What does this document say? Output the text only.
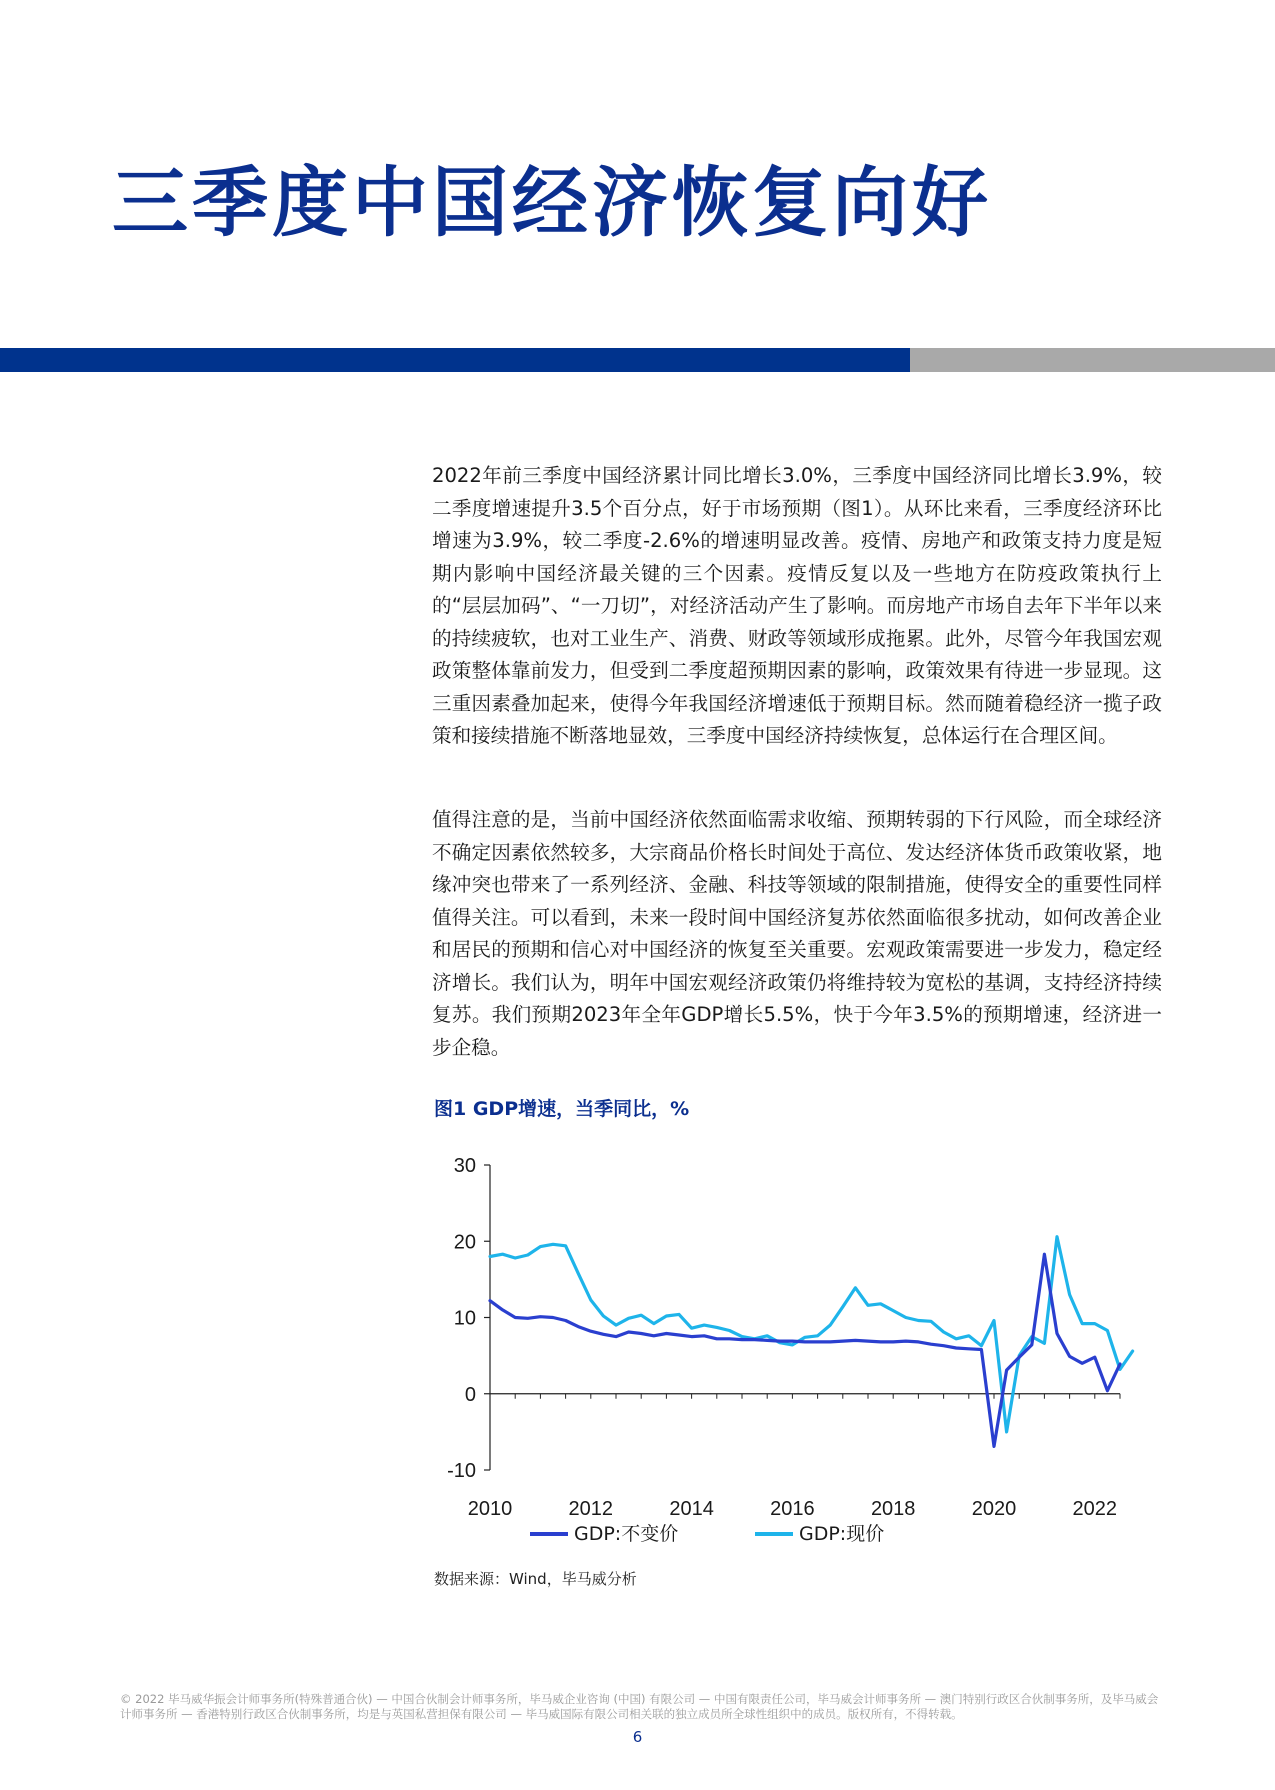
三季度中国经济恢复向好

2022年前三季度中国经济累计同比增长3.0%，三季度中国经济同比增长3.9%，较二季度增速提升3.5个百分点，好于市场预期（图1）。从环比来看，三季度经济环比增速为3.9%，较二季度-2.6%的增速明显改善。疫情、房地产和政策支持力度是短期内影响中国经济最关键的三个因素。疫情反复以及一些地方在防疫政策执行上的“层层加码”、“一刀切”，对经济活动产生了影响。而房地产市场自去年下半年以来的持续疲软，也对工业生产、消费、财政等领域形成拖累。此外，尽管今年我国宏观政策整体靠前发力，但受到二季度超预期因素的影响，政策效果有待进一步显现。这三重因素叠加起来，使得今年我国经济增速低于预期目标。然而随着稳经济一揽子政策和接续措施不断落地显效，三季度中国经济持续恢复，总体运行在合理区间。

值得注意的是，当前中国经济依然面临需求收缩、预期转弱的下行风险，而全球经济不确定因素依然较多，大宗商品价格长时间处于高位、发达经济体货币政策收紧，地缘冲突也带来了一系列经济、金融、科技等领域的限制措施，使得安全的重要性同样值得关注。可以看到，未来一段时间中国经济复苏依然面临很多扰动，如何改善企业和居民的预期和信心对中国经济的恢复至关重要。宏观政策需要进一步发力，稳定经济增长。我们认为，明年中国宏观经济政策仍将维持较为宽松的基调，支持经济持续复苏。我们预期2023年全年GDP增长5.5%，快于今年3.5%的预期增速，经济进一步企稳。

图1 GDP增速，当季同比，%

-10
0
10
20
30
2010	2012	2014	2016	2018	2020	2022
GDP:不变价	GDP:现价

数据来源：Wind，毕马威分析

© 2022 毕马威华振会计师事务所(特殊普通合伙) — 中国合伙制会计师事务所，毕马威企业咨询 (中国) 有限公司 — 中国有限责任公司，毕马威会计师事务所 — 澳门特别行政区合伙制事务所，及毕马威会计师事务所 — 香港特别行政区合伙制事务所，均是与英国私营担保有限公司 — 毕马威国际有限公司相关联的独立成员所全球性组织中的成员。版权所有，不得转载。

6
